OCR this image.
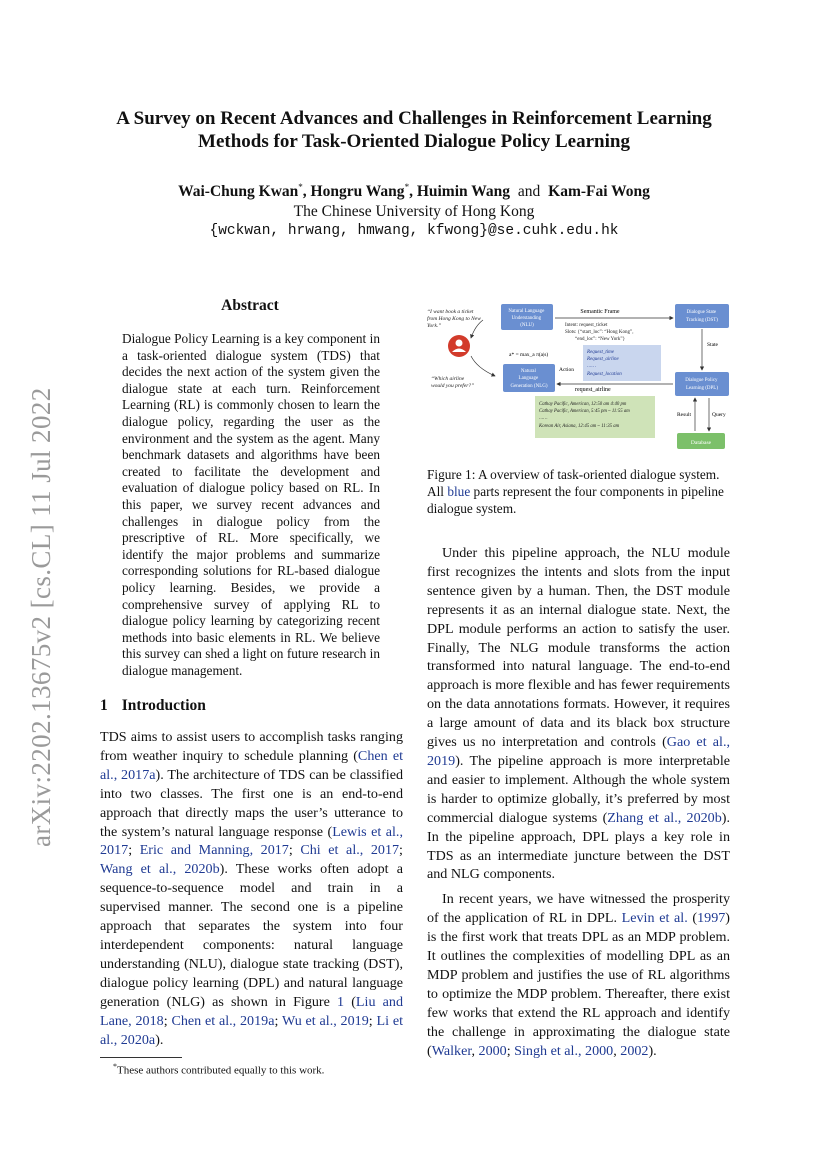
arXiv:2202.13675v2 [cs.CL] 11 Jul 2022
A Survey on Recent Advances and Challenges in Reinforcement Learning
Methods for Task-Oriented Dialogue Policy Learning
Wai-Chung Kwan*, Hongru Wang*, Huimin Wang and Kam-Fai Wong
The Chinese University of Hong Kong
{wckwan, hrwang, hmwang, kfwong}@se.cuhk.edu.hk
Abstract
Dialogue Policy Learning is a key component in a task-oriented dialogue system (TDS) that decides the next action of the system given the dialogue state at each turn. Reinforcement Learning (RL) is commonly chosen to learn the dialogue policy, regarding the user as the environment and the system as the agent. Many benchmark datasets and algorithms have been created to facilitate the development and evaluation of dialogue policy based on RL. In this paper, we survey recent advances and challenges in dialogue policy from the prescriptive of RL. More specifically, we identify the major problems and summarize corresponding solutions for RL-based dialogue policy learning. Besides, we provide a comprehensive survey of applying RL to dialogue policy learning by categorizing recent methods into basic elements in RL. We believe this survey can shed a light on future research in dialogue management.
1 Introduction
TDS aims to assist users to accomplish tasks ranging from weather inquiry to schedule planning (Chen et al., 2017a). The architecture of TDS can be classified into two classes. The first one is an end-to-end approach that directly maps the user’s utterance to the system’s natural language response (Lewis et al., 2017; Eric and Manning, 2017; Chi et al., 2017; Wang et al., 2020b). These works often adopt a sequence-to-sequence model and train in a supervised manner. The second one is a pipeline approach that separates the system into four interdependent components: natural language understanding (NLU), dialogue state tracking (DST), dialogue policy learning (DPL) and natural language generation (NLG) as shown in Figure 1 (Liu and Lane, 2018; Chen et al., 2019a; Wu et al., 2019; Li et al., 2020a).
*These authors contributed equally to this work.
“I want book a ticket from Hong Kong to New York.”
“Which airline would you prefer?”
Natural Language Understanding (NLU)
Dialogue State Tracking (DST)
Semantic Frame
Intent: request_ticket Slots: {“start_loc”: “Hong Kong”, “end_loc”: “New York”}
State
Dialogue Policy Learning (DPL)
Natural Language Generation (NLG)
a* = max_a π(a|s)	Request_time Request_airline …… Request_location
Action
request_airline
Cathay Pacific, American, 12:50 am 4:40 pm Cathay Pacific, American, 5:45 pm ~ 11:55 am …… Korean Air, Asiana, 12:45 am ~ 11:35 am
Result	Query
Database
Figure 1: A overview of task-oriented dialogue system. All blue parts represent the four components in pipeline dialogue system.

Under this pipeline approach, the NLU module first recognizes the intents and slots from the input sentence given by a human. Then, the DST module represents it as an internal dialogue state. Next, the DPL module performs an action to satisfy the user. Finally, The NLG module transforms the action transformed into natural language. The end-to-end approach is more flexible and has fewer requirements on the data annotations formats. However, it requires a large amount of data and its black box structure gives us no interpretation and controls (Gao et al., 2019). The pipeline approach is more interpretable and easier to implement. Although the whole system is harder to optimize globally, it’s preferred by most commercial dialogue systems (Zhang et al., 2020b). In the pipeline approach, DPL plays a key role in TDS as an intermediate juncture between the DST and NLG components.

In recent years, we have witnessed the prosperity of the application of RL in DPL. Levin et al. (1997) is the first work that treats DPL as an MDP problem. It outlines the complexities of modelling DPL as an MDP problem and justifies the use of RL algorithms to optimize the MDP problem. Thereafter, there exist few works that extend the RL approach and identify the challenge in approximating the dialogue state (Walker, 2000; Singh et al., 2000, 2002).
